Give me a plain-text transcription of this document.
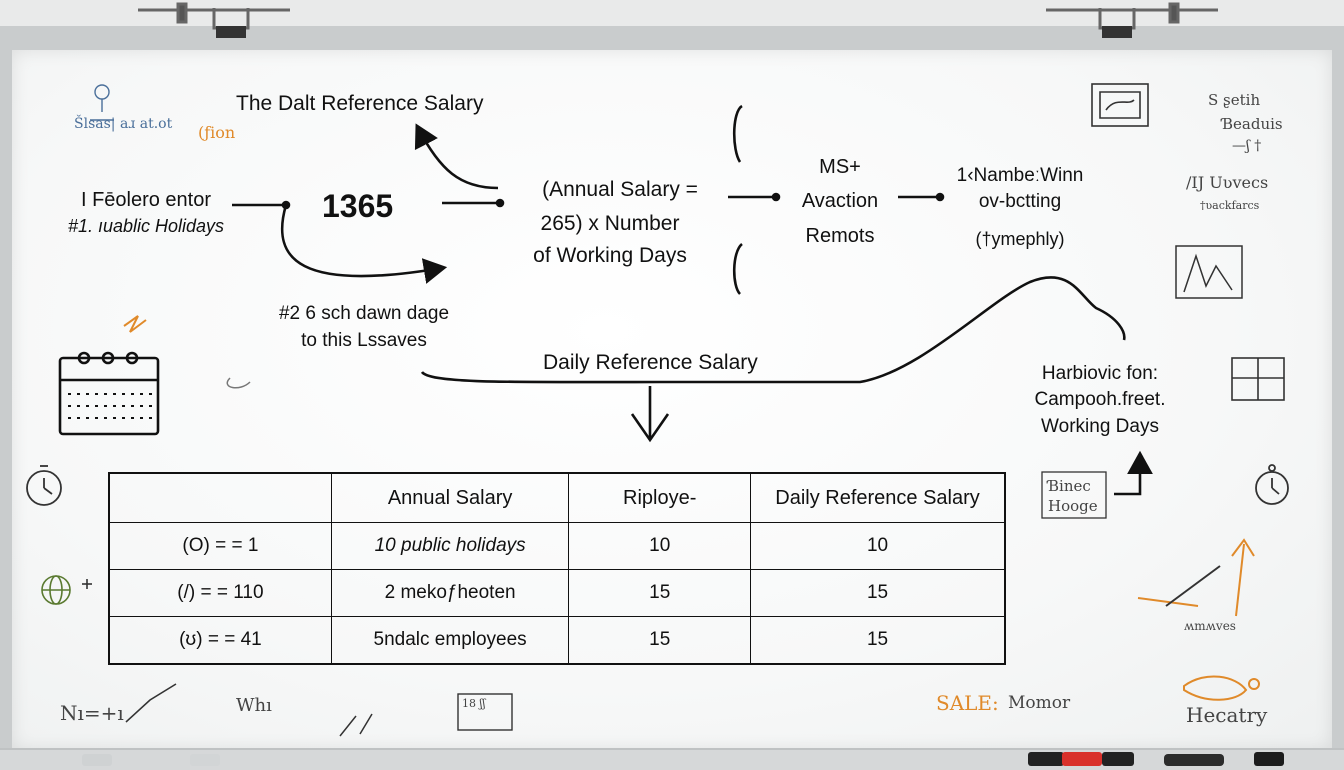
The Dalt Reference Salary
I Fēolero entor
#1. ıuablic Holidays
1365	(Annual Salary =
265) x Number
of Working Days
MS+
Avaction
Remots
1‹NambeːWinn
ov-bctting
(†ymephly)
#2 6 sch dawn dage
to this Lssaves
Daily Reference Salary	Harbiovic fon:
Campooh.freet.
Working Days
	Annual Salary	Riploye-	Daily Reference Salary
(O) = = 1	10 public holidays	10	10
(/) = = 110	2 mekoƒheoten	15	15
(ʊ) = = 41	5ndalc employees	15	15
Šlsas| aɹ at.ot (ƒion
S ʂetih
Ɓeaduis
—ʃ †
∕Ĳ Uʋvecs
†ʋackfarcs
Ɓinec
Hooge
ʍmʍves
Nı=+ı	Whı	18 ʃʃ	SALE: Momor	Hecatry
